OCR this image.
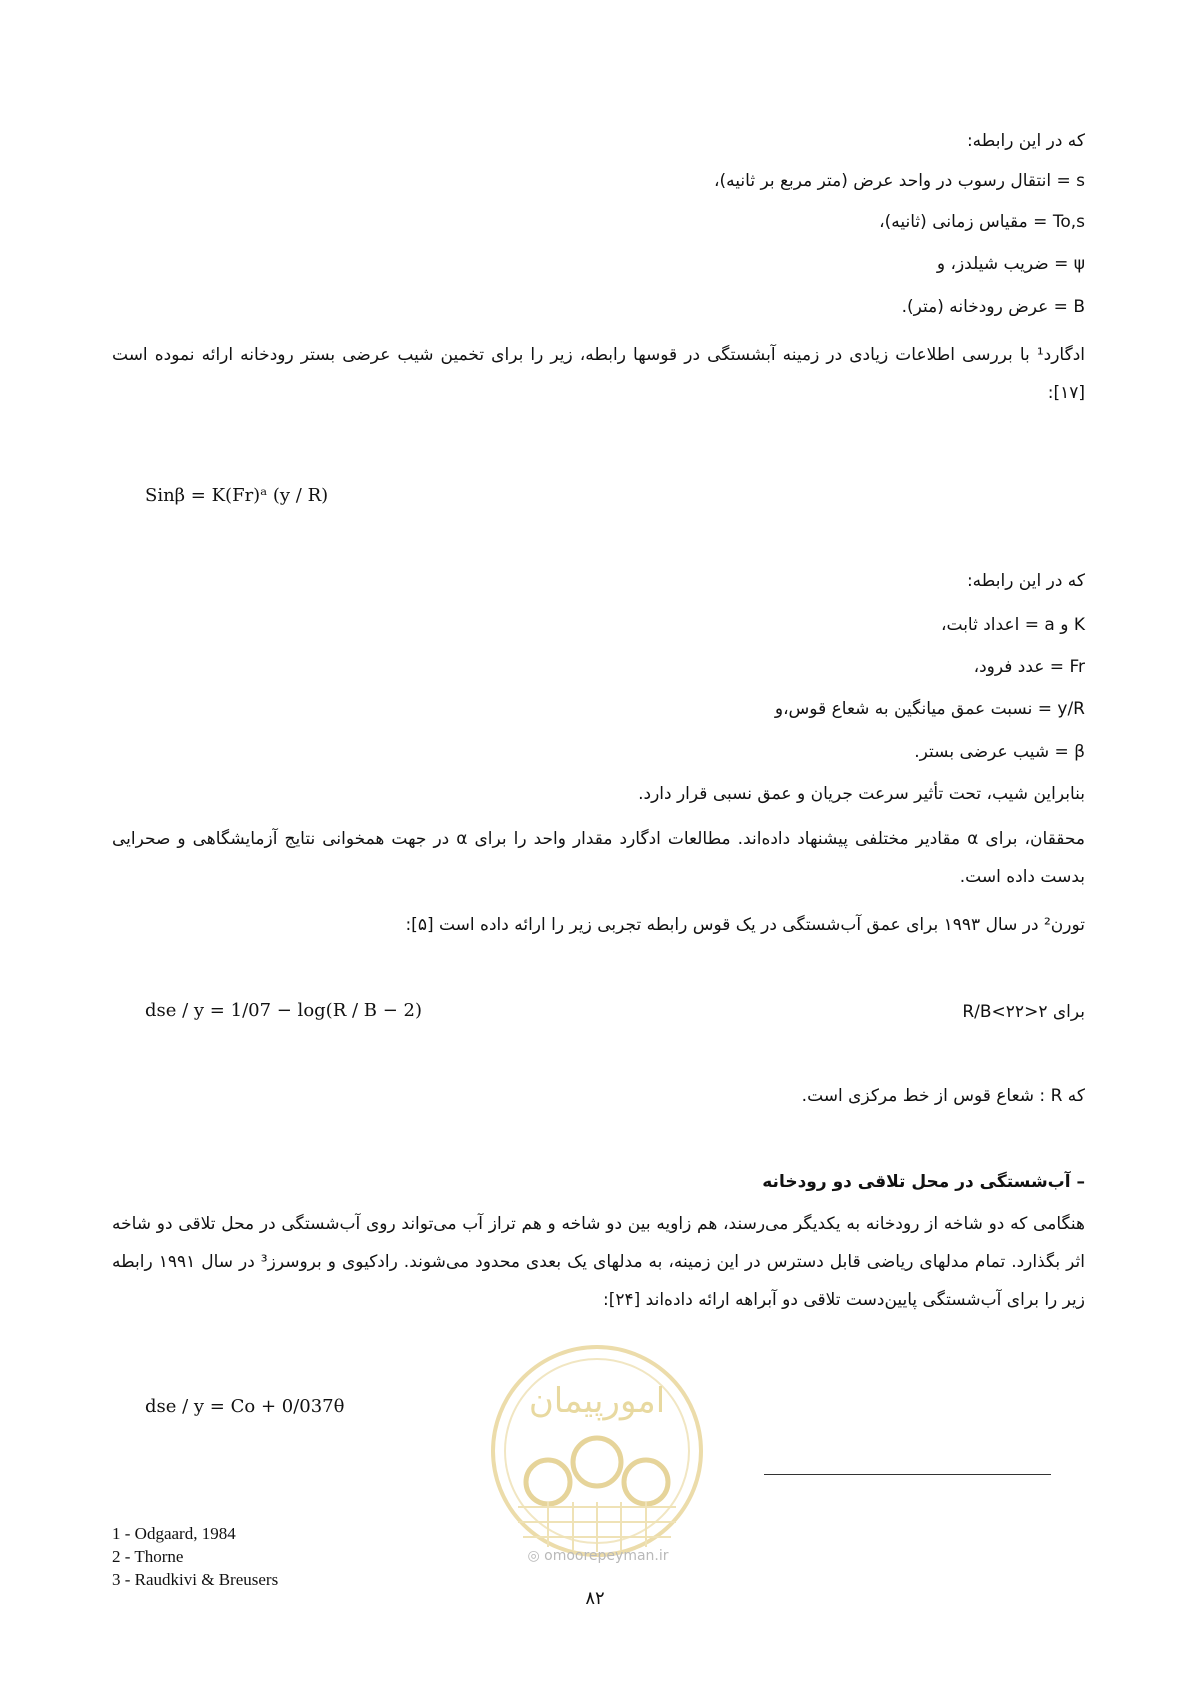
که در این رابطه:
s = انتقال رسوب در واحد عرض (متر مربع بر ثانیه)،
To,s = مقیاس زمانی (ثانیه)،
ψ = ضریب شیلدز، و
B = عرض رودخانه (متر).
ادگارد¹ با بررسی اطلاعات زیادی در زمینه آبشستگی در قوسها رابطه، زیر را برای تخمین شیب عرضی بستر رودخانه ارائه نموده است [۱۷]:
Sinβ = K(Fr)ᵃ (y / R)
که در این رابطه:
K و a = اعداد ثابت،
Fr = عدد فرود،
y/R = نسبت عمق میانگین به شعاع قوس،و
β = شیب عرضی بستر.
بنابراین شیب، تحت تأثیر سرعت جریان و عمق نسبی قرار دارد.
محققان، برای α مقادیر مختلفی پیشنهاد داده‌اند. مطالعات ادگارد مقدار واحد را برای α در جهت همخوانی نتایج آزمایشگاهی و صحرایی بدست داده است.
تورن² در سال ۱۹۹۳ برای عمق آب‌شستگی در یک قوس رابطه تجربی زیر را ارائه داده است [۵]:
dse / y = 1/07 − log(R / B − 2)	برای ۲<R/B<۲۲
که R : شعاع قوس از خط مرکزی است.
– آب‌شستگی در محل تلاقی دو رودخانه
هنگامی که دو شاخه از رودخانه به یکدیگر می‌رسند، هم زاویه بین دو شاخه و هم تراز آب می‌تواند روی آب‌شستگی در محل تلاقی دو شاخه اثر بگذارد. تمام مدلهای ریاضی قابل دسترس در این زمینه، به مدلهای یک بعدی محدود می‌شوند. رادکیوی و بروسرز³ در سال ۱۹۹۱ رابطه زیر را برای آب‌شستگی پایین‌دست تلاقی دو آبراهه ارائه داده‌اند [۲۴]:
dse / y = Co + 0/037θ	امورپیمان
◎ omoorepeyman.ir
1 - Odgaard, 1984
2 - Thorne
3 - Raudkivi & Breusers
۸۲
